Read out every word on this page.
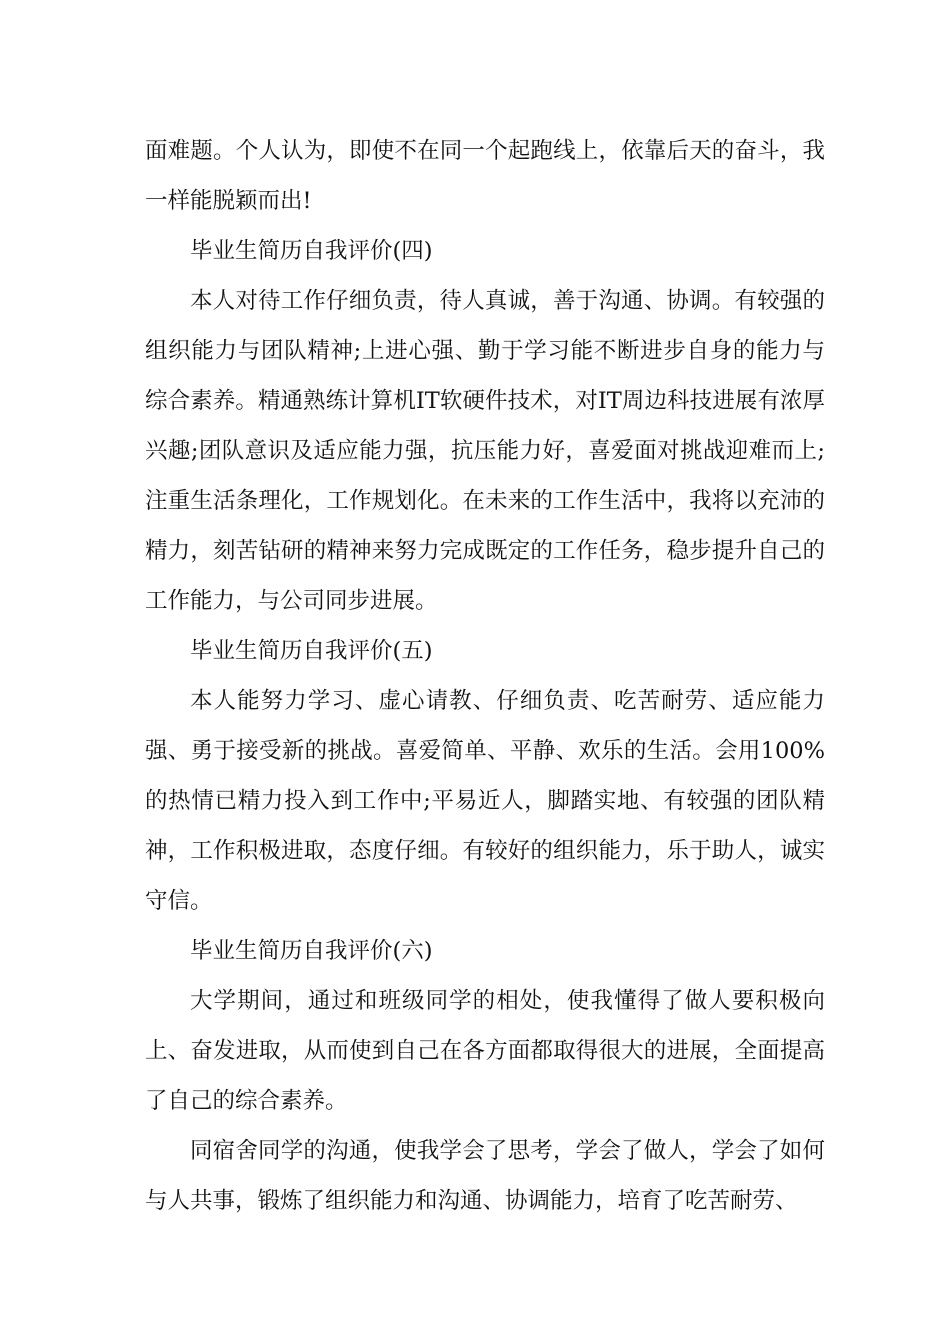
面难题。个人认为，即使不在同一个起跑线上，依靠后天的奋斗，我一样能脱颖而出!

毕业生简历自我评价(四)

本人对待工作仔细负责，待人真诚，善于沟通、协调。有较强的组织能力与团队精神;上进心强、勤于学习能不断进步自身的能力与综合素养。精通熟练计算机IT软硬件技术，对IT周边科技进展有浓厚兴趣;团队意识及适应能力强，抗压能力好，喜爱面对挑战迎难而上;注重生活条理化，工作规划化。在未来的工作生活中，我将以充沛的精力，刻苦钻研的精神来努力完成既定的工作任务，稳步提升自己的工作能力，与公司同步进展。

毕业生简历自我评价(五)

本人能努力学习、虚心请教、仔细负责、吃苦耐劳、适应能力强、勇于接受新的挑战。喜爱简单、平静、欢乐的生活。会用100%的热情已精力投入到工作中;平易近人，脚踏实地、有较强的团队精神，工作积极进取，态度仔细。有较好的组织能力，乐于助人，诚实守信。

毕业生简历自我评价(六)

大学期间，通过和班级同学的相处，使我懂得了做人要积极向上、奋发进取，从而使到自己在各方面都取得很大的进展，全面提高了自己的综合素养。

同宿舍同学的沟通，使我学会了思考，学会了做人，学会了如何与人共事，锻炼了组织能力和沟通、协调能力，培育了吃苦耐劳、
